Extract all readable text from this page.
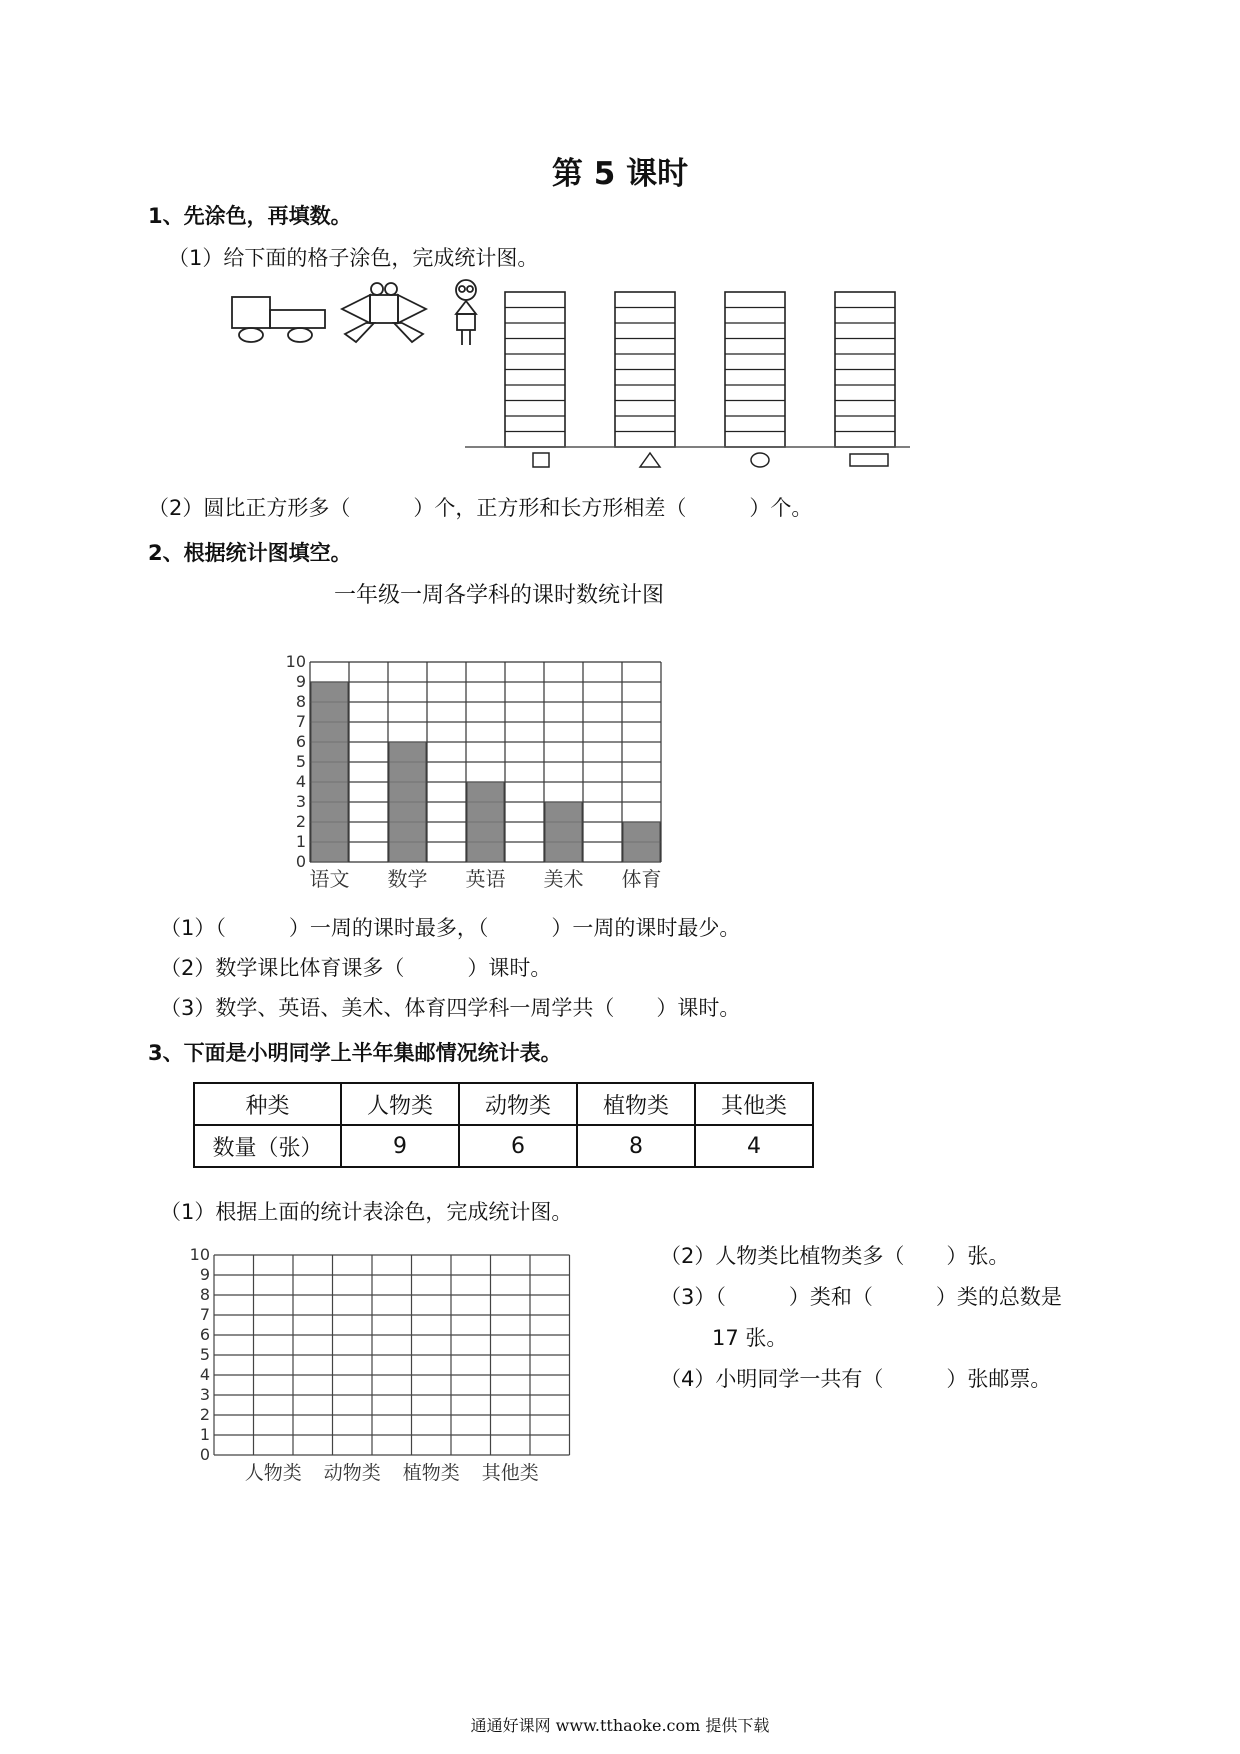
第 5 课时
1、先涂色，再填数。
（1）给下面的格子涂色，完成统计图。
（2）圆比正方形多（　　　）个，正方形和长方形相差（　　　）个。
2、根据统计图填空。
一年级一周各学科的课时数统计图
0
1
2
3
4
5
6
7
8
9
10
语文 数学 英语 美术 体育
（1）（　　　）一周的课时最多，（　　　）一周的课时最少。
（2）数学课比体育课多（　　　）课时。
（3）数学、英语、美术、体育四学科一周学共（　　）课时。
3、下面是小明同学上半年集邮情况统计表。
种类	人物类	动物类	植物类	其他类
数量（张）	9	6	8	4
（1）根据上面的统计表涂色，完成统计图。
0
1
2
3
4
5
6
7
8
9
10
人物类 动物类 植物类 其他类
（2）人物类比植物类多（　　）张。
（3）（　　　）类和（　　　）类的总数是
17 张。
（4）小明同学一共有（　　　）张邮票。
通通好课网 www.tthaoke.com 提供下载
